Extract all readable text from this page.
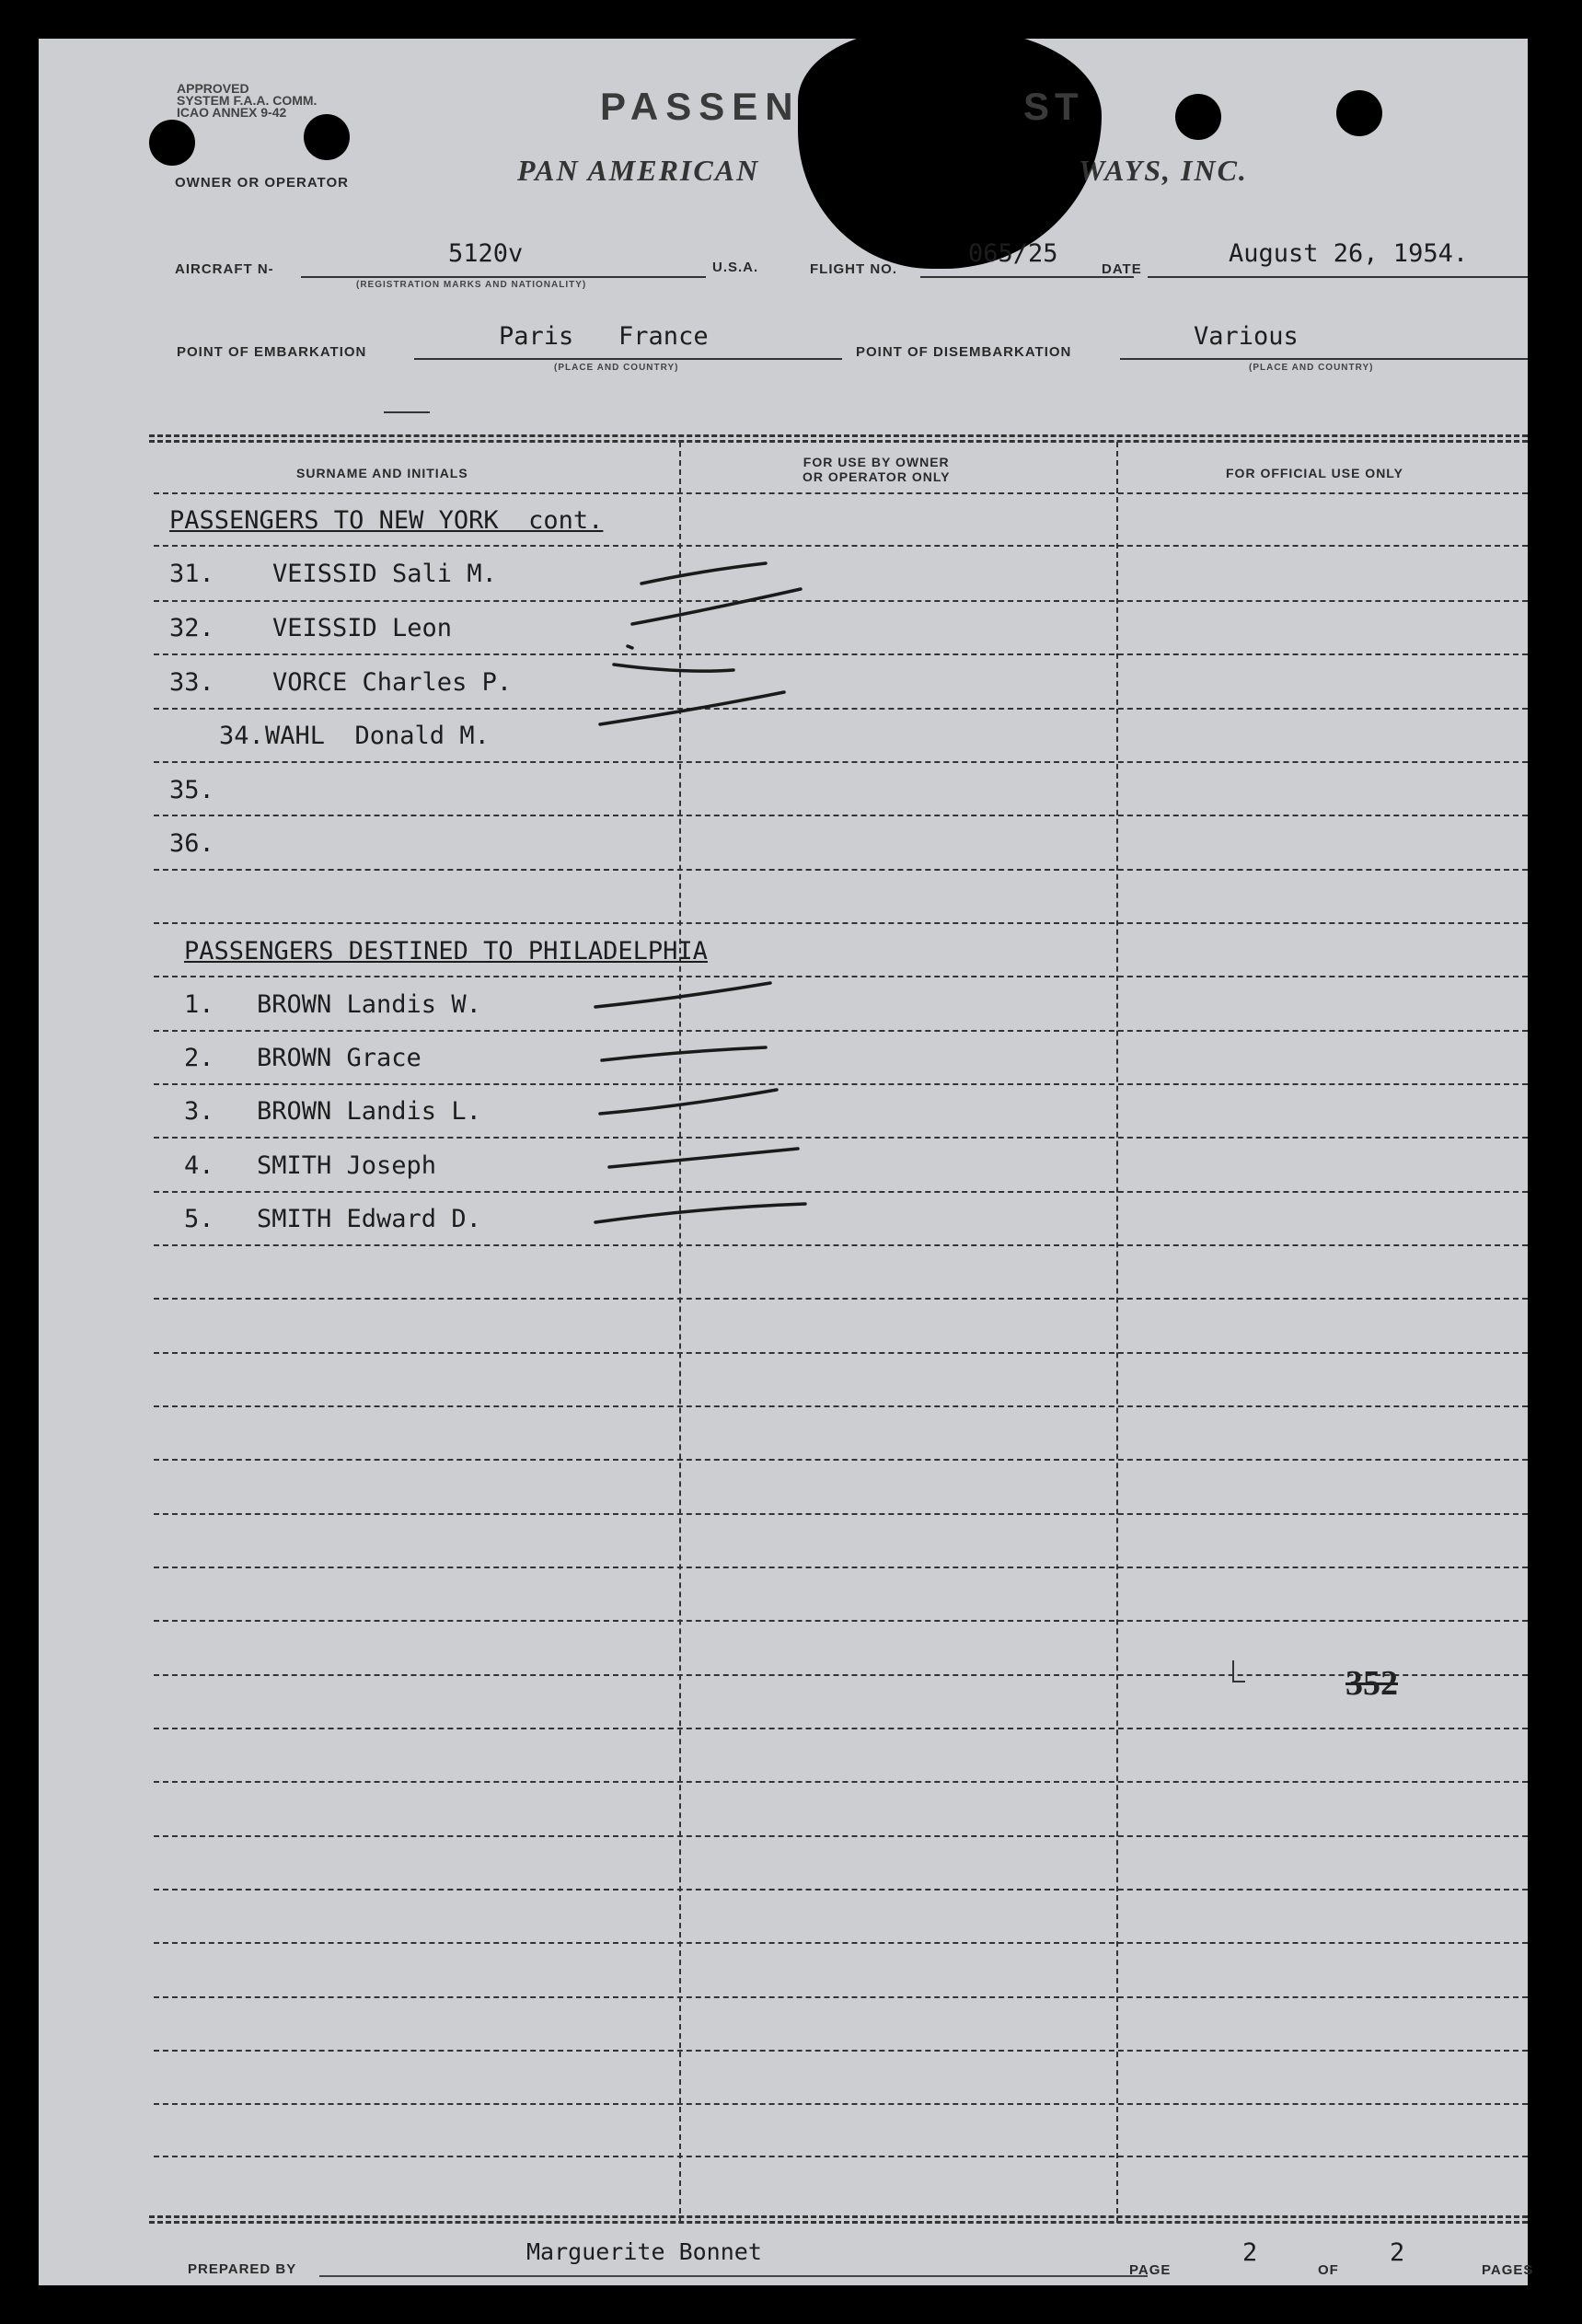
APPROVED
SYSTEM F.A.A. COMM.
ICAO ANNEX 9-42	PASSEN	ST
PAN AMERICAN	WAYS, INC.
OWNER OR OPERATOR
AIRCRAFT N-
5120v
(REGISTRATION MARKS AND NATIONALITY)
U.S.A.	FLIGHT NO.
065/25
DATE
August 26, 1954.
POINT OF EMBARKATION
Paris   France
(PLACE AND COUNTRY)
POINT OF DISEMBARKATION
Various
(PLACE AND COUNTRY)
SURNAME AND INITIALS
FOR USE BY OWNER
OR OPERATOR ONLY	FOR OFFICIAL USE ONLY
PASSENGERS TO NEW YORK  cont.
31. VEISSID Sali M.
32. VEISSID Leon
33. VORCE Charles P.
34. WAHL  Donald M.
35.
36.
PASSENGERS DESTINED TO PHILADELPHIA
1. BROWN Landis W.
2. BROWN Grace
3. BROWN Landis L.
4. SMITH Joseph
5. SMITH Edward D.
352
PREPARED BY
Marguerite Bonnet
PAGE
2
OF
2
PAGES
